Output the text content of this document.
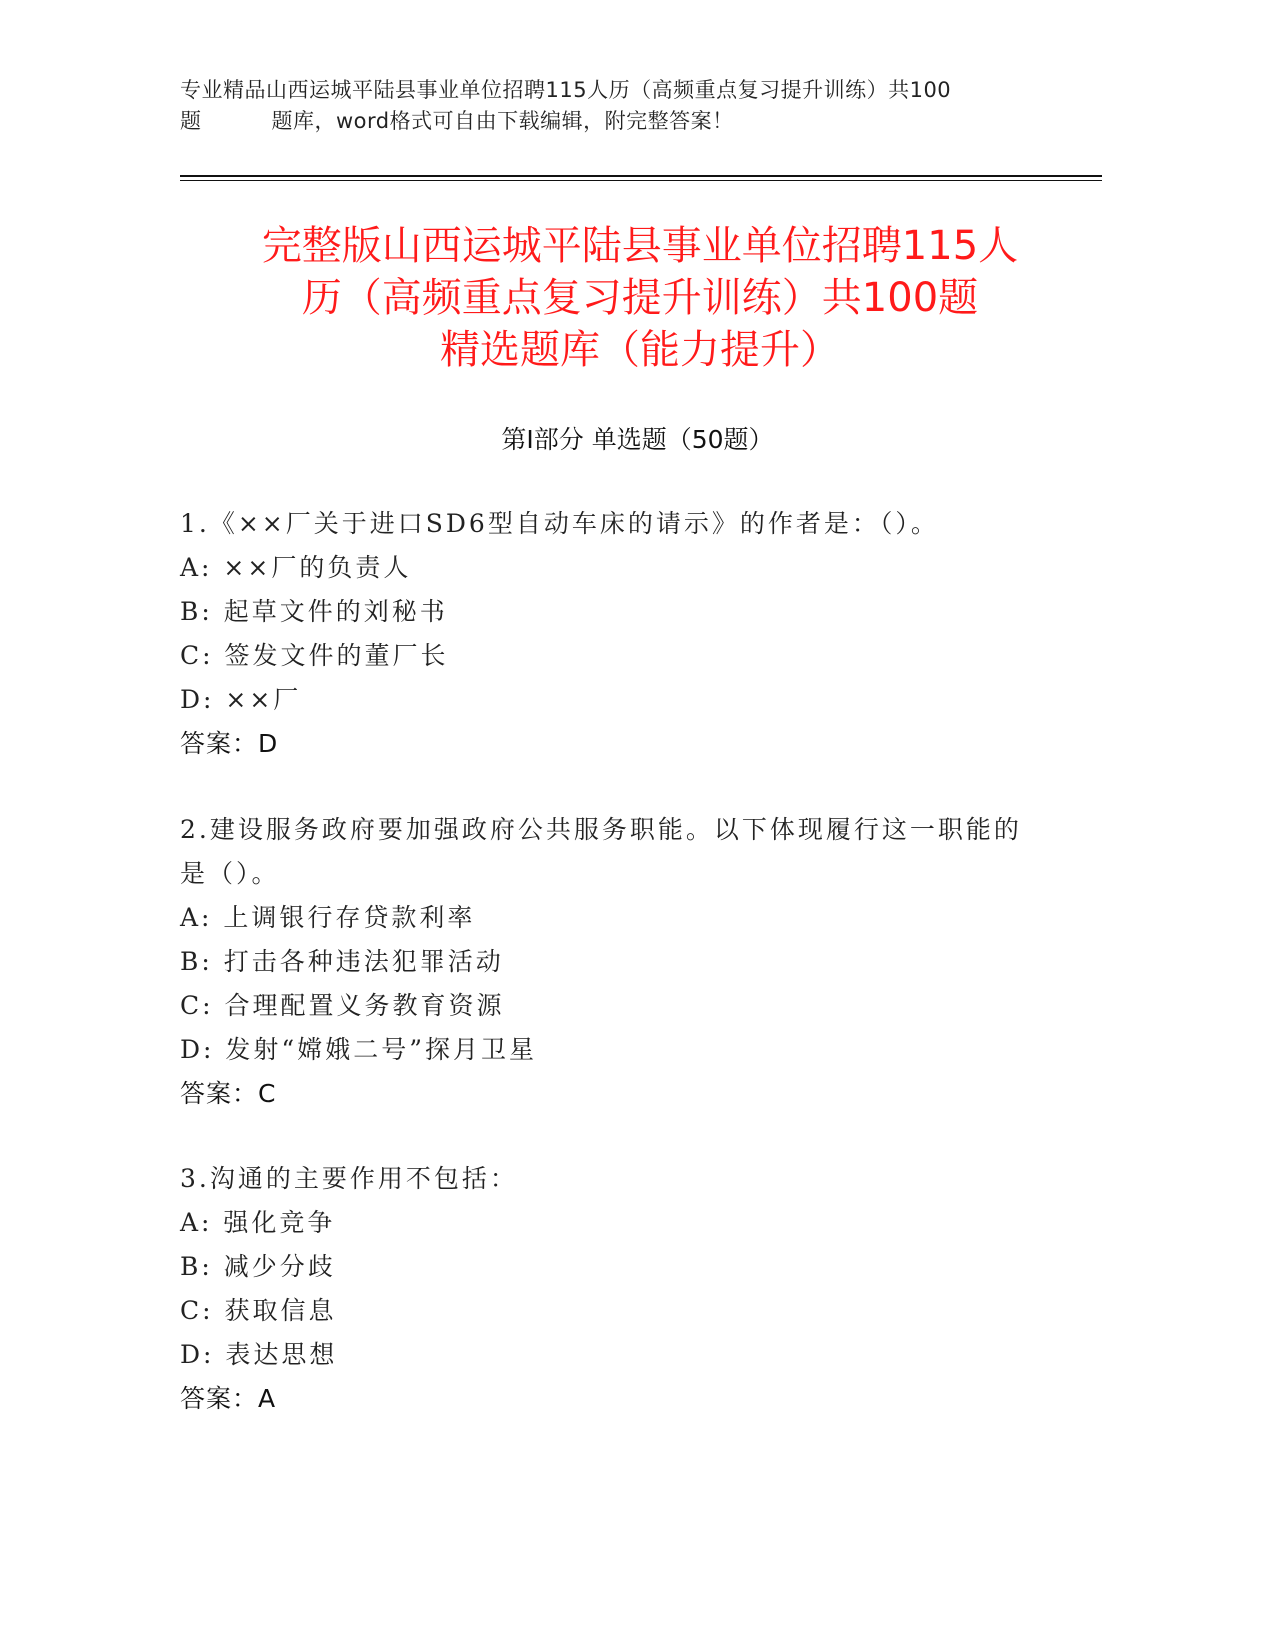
专业精品山西运城平陆县事业单位招聘115人历（高频重点复习提升训练）共100
题	题库，word格式可自由下载编辑，附完整答案！
完整版山西运城平陆县事业单位招聘115人
历（高频重点复习提升训练）共100题
精选题库（能力提升）
第Ⅰ部分 单选题（50题）
1.《××厂关于进口SD6型自动车床的请示》的作者是：（）。
A: ××厂的负责人
B: 起草文件的刘秘书
C: 签发文件的董厂长
D: ××厂
答案：D
2.建设服务政府要加强政府公共服务职能。以下体现履行这一职能的
是（）。
A: 上调银行存贷款利率
B: 打击各种违法犯罪活动
C: 合理配置义务教育资源
D: 发射“嫦娥二号”探月卫星
答案：C
3.沟通的主要作用不包括：
A: 强化竞争
B: 减少分歧
C: 获取信息
D: 表达思想
答案：A
